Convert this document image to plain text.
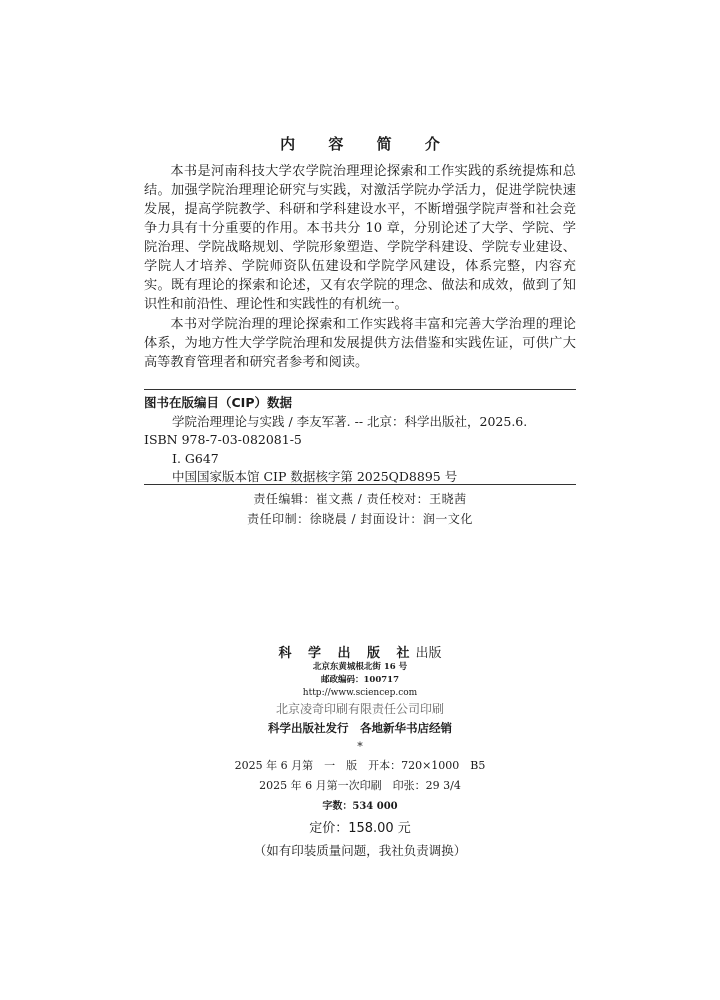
内 容 简 介

本书是河南科技大学农学院治理理论探索和工作实践的系统提炼和总结。加强学院治理理论研究与实践，对激活学院办学活力，促进学院快速发展，提高学院教学、科研和学科建设水平，不断增强学院声誉和社会竞争力具有十分重要的作用。本书共分 10 章，分别论述了大学、学院、学院治理、学院战略规划、学院形象塑造、学院学科建设、学院专业建设、学院人才培养、学院师资队伍建设和学院学风建设，体系完整，内容充实。既有理论的探索和论述，又有农学院的理念、做法和成效，做到了知识性和前沿性、理论性和实践性的有机统一。

本书对学院治理的理论探索和工作实践将丰富和完善大学治理的理论体系，为地方性大学学院治理和发展提供方法借鉴和实践佐证，可供广大高等教育管理者和研究者参考和阅读。

图书在版编目（CIP）数据
学院治理理论与实践 / 李友军著. -- 北京：科学出版社，2025.6.
ISBN 978-7-03-082081-5
Ⅰ. G647
中国国家版本馆 CIP 数据核字第 2025QD8895 号
责任编辑：崔文燕 / 责任校对：王晓茜
责任印制：徐晓晨 / 封面设计：润一文化
科 学 出 版 社出版
北京东黄城根北街 16 号
邮政编码：100717
http://www.sciencep.com
北京凌奇印刷有限责任公司印刷
科学出版社发行　各地新华书店经销
*
2025 年 6 月第　一　版　开本：720×1000　B5
2025 年 6 月第一次印刷　印张：29 3/4
字数：534 000
定价：158.00 元
（如有印装质量问题，我社负责调换）
